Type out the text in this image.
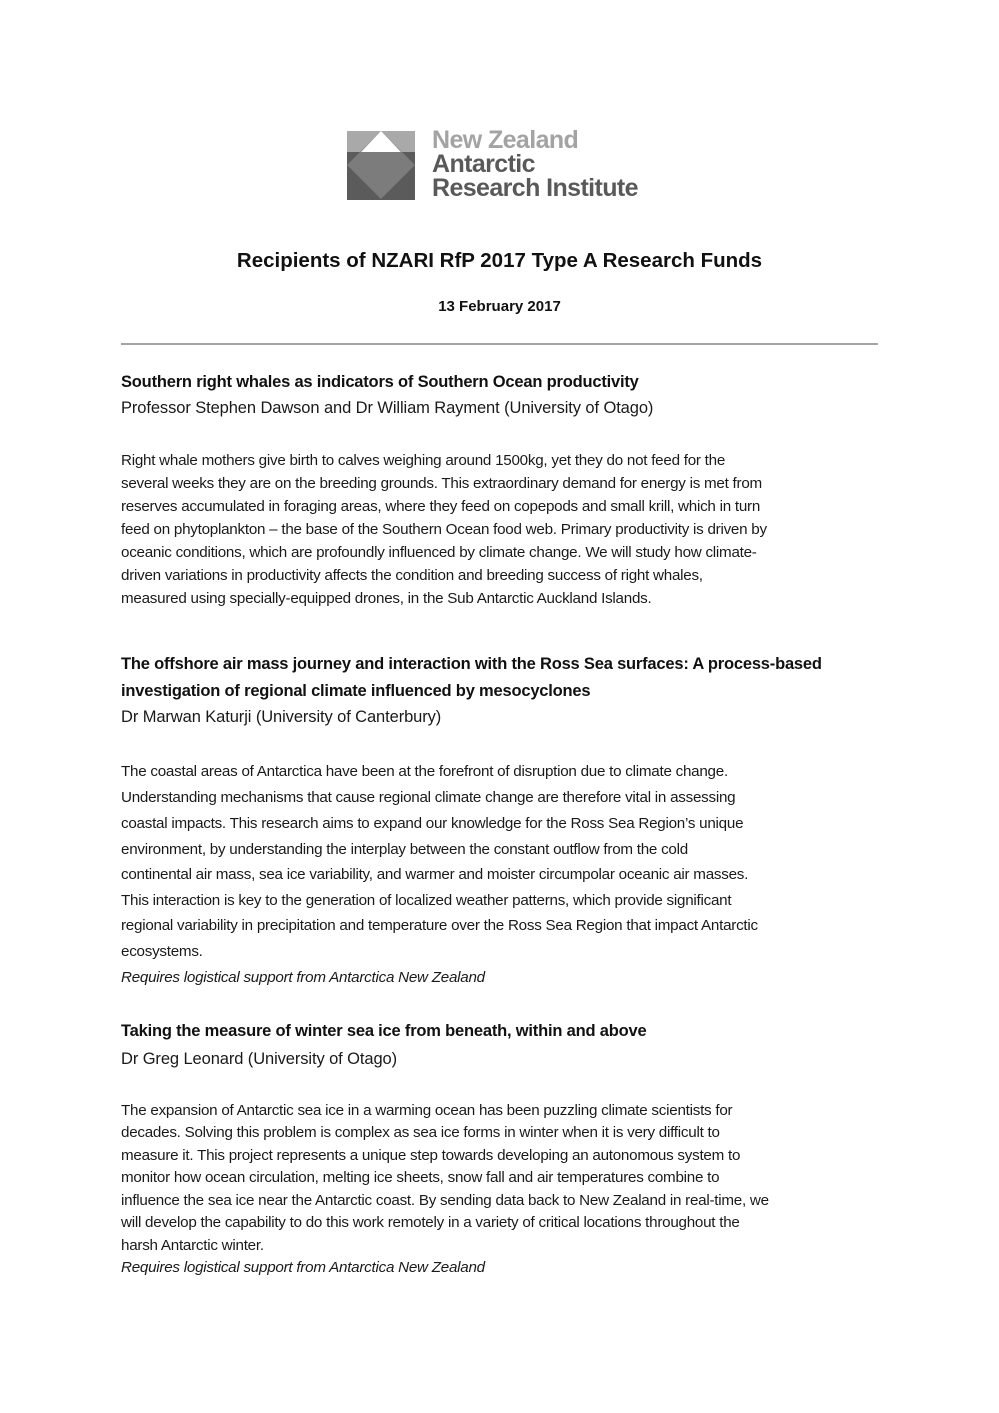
New Zealand
Antarctic
Research Institute
Recipients of NZARI RfP 2017 Type A Research Funds
13 February 2017
Southern right whales as indicators of Southern Ocean productivity
Professor Stephen Dawson and Dr William Rayment (University of Otago)
Right whale mothers give birth to calves weighing around 1500kg, yet they do not feed for the
several weeks they are on the breeding grounds. This extraordinary demand for energy is met from
reserves accumulated in foraging areas, where they feed on copepods and small krill, which in turn
feed on phytoplankton – the base of the Southern Ocean food web. Primary productivity is driven by
oceanic conditions, which are profoundly influenced by climate change. We will study how climate-
driven variations in productivity affects the condition and breeding success of right whales,
measured using specially-equipped drones, in the Sub Antarctic Auckland Islands.
The offshore air mass journey and interaction with the Ross Sea surfaces: A process-based
investigation of regional climate influenced by mesocyclones
Dr Marwan Katurji (University of Canterbury)
The coastal areas of Antarctica have been at the forefront of disruption due to climate change.
Understanding mechanisms that cause regional climate change are therefore vital in assessing
coastal impacts. This research aims to expand our knowledge for the Ross Sea Region’s unique
environment, by understanding the interplay between the constant outflow from the cold
continental air mass, sea ice variability, and warmer and moister circumpolar oceanic air masses.
This interaction is key to the generation of localized weather patterns, which provide significant
regional variability in precipitation and temperature over the Ross Sea Region that impact Antarctic
ecosystems.
Requires logistical support from Antarctica New Zealand
Taking the measure of winter sea ice from beneath, within and above
Dr Greg Leonard (University of Otago)
The expansion of Antarctic sea ice in a warming ocean has been puzzling climate scientists for
decades. Solving this problem is complex as sea ice forms in winter when it is very difficult to
measure it. This project represents a unique step towards developing an autonomous system to
monitor how ocean circulation, melting ice sheets, snow fall and air temperatures combine to
influence the sea ice near the Antarctic coast. By sending data back to New Zealand in real-time, we
will develop the capability to do this work remotely in a variety of critical locations throughout the
harsh Antarctic winter.
Requires logistical support from Antarctica New Zealand
